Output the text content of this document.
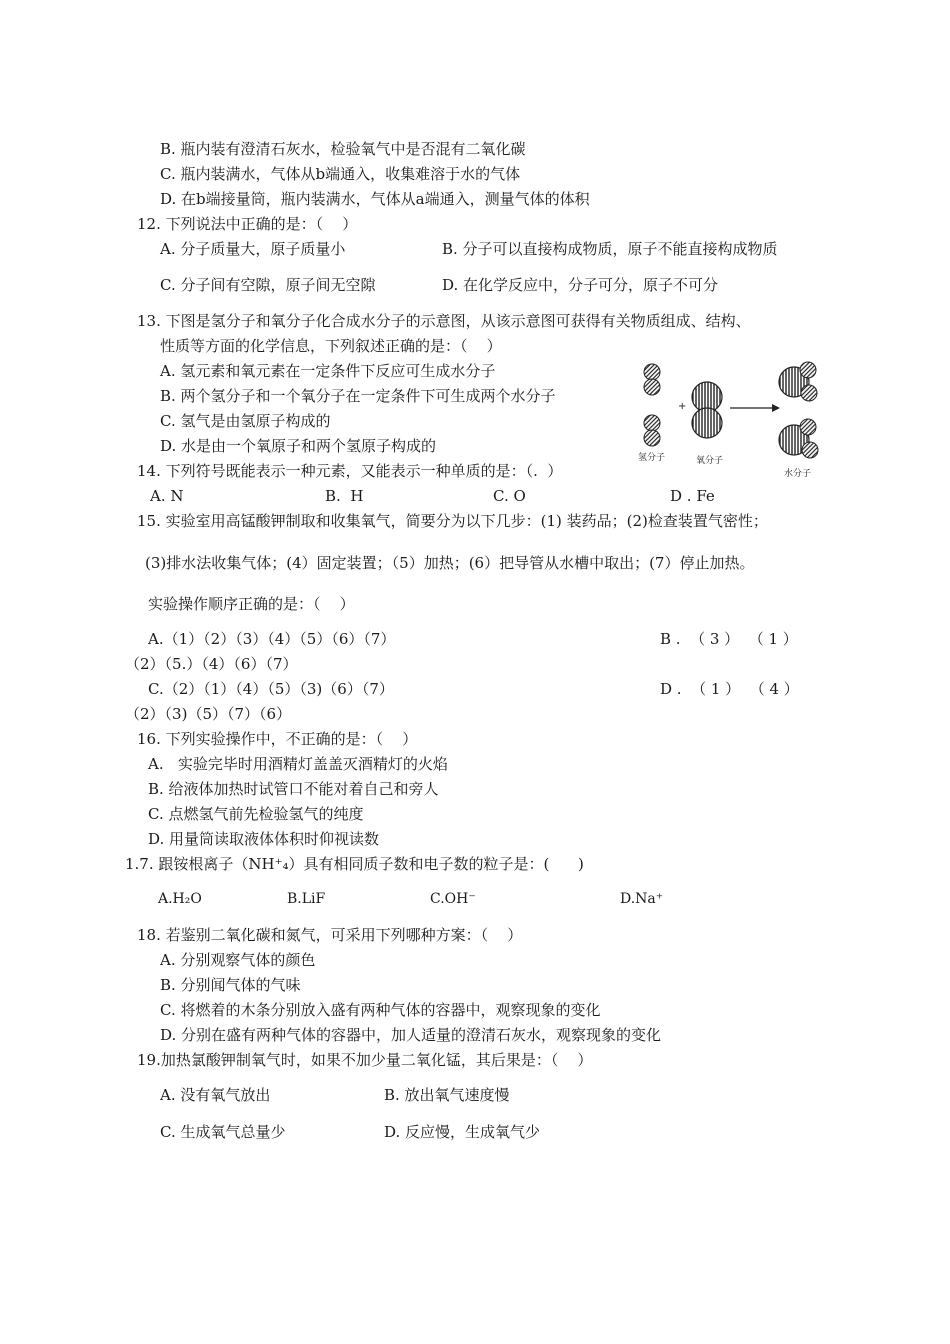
B. 瓶内装有澄清石灰水，检验氧气中是否混有二氧化碳
C. 瓶内装满水，气体从b端通入，收集难溶于水的气体
D. 在b端接量筒，瓶内装满水，气体从a端通入，测量气体的体积
12. 下列说法中正确的是：（    ）
A. 分子质量大，原子质量小	B. 分子可以直接构成物质，原子不能直接构成物质
C. 分子间有空隙，原子间无空隙	D. 在化学反应中，分子可分，原子不可分
13. 下图是氢分子和氧分子化合成水分子的示意图，从该示意图可获得有关物质组成、结构、
性质等方面的化学信息，下列叙述正确的是：（    ）
A. 氢元素和氧元素在一定条件下反应可生成水分子
B. 两个氢分子和一个氧分子在一定条件下可生成两个水分子
C. 氢气是由氢原子构成的
D. 水是由一个氧原子和两个氢原子构成的
+
氢分子	氧分子
水分子
14. 下列符号既能表示一种元素，又能表示一种单质的是：（.  ）
A. N	B.  H	C. O	D . Fe
15. 实验室用高锰酸钾制取和收集氧气，简要分为以下几步：(1) 装药品；(2)检查装置气密性；
(3)排水法收集气体；(4）固定装置；（5）加热；(6）把导管从水槽中取出；(7）停止加热。
实验操作顺序正确的是：（    ）
A.（1）（2）（3）（4）（5）（6）（7）	B .  （ 3 ）  （ 1 ）
（2）（5.）（4）（6）（7）
C.（2）（1）（4）（5）（3)（6）（7）	D .  （ 1 ）  （ 4 ）
（2）（3)（5）（7）（6）
16. 下列实验操作中，不正确的是：（    ）
A.   实验完毕时用酒精灯盖盖灭酒精灯的火焰
B. 给液体加热时试管口不能对着自己和旁人
C. 点燃氢气前先检验氢气的纯度
D. 用量筒读取液体体积时仰视读数
1.7. 跟铵根离子（NH⁺₄）具有相同质子数和电子数的粒子是：(      )
A.H₂O	B.LiF	C.OH⁻	D.Na⁺
18. 若鉴别二氧化碳和氮气，可采用下列哪种方案：（    ）
A. 分别观察气体的颜色
B. 分别闻气体的气味
C. 将燃着的木条分别放入盛有两种气体的容器中，观察现象的变化
D. 分别在盛有两种气体的容器中，加人适量的澄清石灰水，观察现象的变化
19.加热氯酸钾制氧气时，如果不加少量二氧化锰，其后果是：（    ）
A. 没有氧气放出	B. 放出氧气速度慢
C. 生成氧气总量少	D. 反应慢，生成氧气少
